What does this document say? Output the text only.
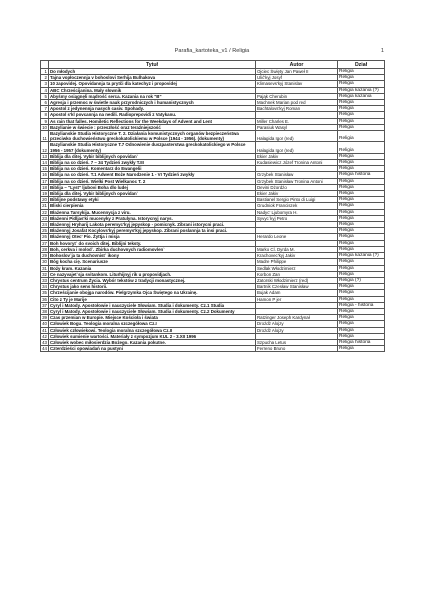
Parafia_kartoteka_v1 / Religia	1
	Tytuł	Autor	Dział
1	Do młodych	Ojciec Święty Jan Paweł II	Religia
2	Tajna vopłoczennja v bohoslovi Serhija Bulhakova	Ulić'kyj Josyf	Religia
3	10 zapovidej. Opovidannja ta prytči dla katechyz i propovidej	Klimasevs'kyj Stanislav	Religia
4	ABC Chrześcijanina. Mały słownik		Religia kazania (?)
5	Abyśmy osiągnęli mądrość serca. Kazania na rok "B"	Pająk Cherubin	Religia kazania
6	Agresja i przemoc w świetle nauk przyrodniczych i humanistycznych	Machnek Marian pod red	Religia
7	Apostol z jedynennja nasych casiv. Spohady.	Bachtalovs'kyj Roman	Religia
8	Apostol s'kl povcannja na nedili. Radioprepovidi z Vatykanu.		Religia
9	As rain that falles. Homiletic Reflections for the Weekdays of Advent and Lent	Miller Charles E.	Religia
10	Bazylianie w świecie : przeszłość oraz teraźniejszość	Parasiuk Wasyl	Religia
11	Bazylianskie Studia Historyczne T. 2. Działania komunistycznych organów bezpieczeństwa przeciwko duchowieństwu greckokatolickiemu w Polsce (1944 - 1956). (dokumenty)	Hałagida Igor (red)	Religia
12	Bazylianskie Studia Historyczne T.7 Odnowienie duszpasterstwa greckokatolickiego w Polsce 1956 - 1957 (dokumenty)	Hałagida Igor (red)	Religia
13	Biblija dla ditej. Vybir biblijnych opovidan`	Ekier Jakiv	Religia
14	Biblija na co dzień. 7 – 34 Tydzień zwykły T.III	Kudasiewicz Józef Tronina Antoni	Religia
15	Biblija na co dzień. Komentarz do Ewangelii		Religia
16	Biblija na co dzień. T.1 Adwent Boże Narodzenie 1 - VI Tydzień zwykły	Grzybek Stanisław	Religia historia
17	Biblija na co dzień. Wielki Post Wielkanoc T. 2	Grzybek Stanisław Tronina Antoni	Religia
18	Biblija – "Lyst" ljubovi Boha dlo ludej	Devini Dżordżo	Religia
19	Biblija dla ditej. Vybir biblijnych opovidan`	Ekier Jakiv	Religia
20	Biblijne podstawy etyki	Bastianel Sergio Pinto di Luigi	Religia
21	Bliski cierpienia	Grudniok Franciszek	Religia
22	Błażenna Tarsykija. Mucennycja z viru.	Nadyc' Ljubomyra H.	Religia
23	Błażenni Pidljas'ki mucenyky z Pratulyna. Istorycnyj narys.	Syvyc`kyj Petro	Religia
24	Błażennyj Hryharij Lakota peremyc'kyj jepyskop - pomicnyk. Zibrani istorycni praci.		Religia
25	Błażennyj Josafat Kocylovs'kyj peremys'kyj jepyskop. Zibrani poslannja ta insi praci.		Religia
26	Błażennyj Otec' Pio. Żyttja i misja	Herardo Leone	Religia
27	Boh hovoryt` do svoich ditej. Biblijni teksty.		Religia
28	Boh, cerkva i molod`. Zbirka duchovnych radiomovlen`	Marko Cl. Dyrda M.	Religia
29	Bohoslov`ja ta duchovnist` ikony	Krachovec'kyj Jakiv	Religia kazania (?)
30	Bóg kocha cię. Scenariusze	Madre Philippe	Religia
31	Boży kram. Kazania	Sedlak Włodzimierz	Religia
32	Ce nazyvajet`sja svitankom. Liturhijnyj rik u propovidjach.	Korbon Zan	Religia
33	Chrystus centrum Życia. Wybór tekstów z tradycji monastycznej.	Zatorski Włodzimierz (red)	Religia (?)
34	Chrystus jako sens historii.	Bartnik Czesław Stanisław	Religia
35	Chrześcijanie obojga narodów. Pielgrzymka Ojca Świętego na Ukrainę.	Bujak Adam	Religia
36	Cito z Ty je Marije	Hamon P jer	Religia
37	Cyryl i Matody. Apostołowie i nauczyciele Słowiam. Studia i dokumenty. Cz.1 Studia		Religia - historia
38	Cyryl i Matody. Apostołowie i nauczyciele Słowiam. Studia i dokumenty. Cz.2 Dokumenty		Religia
39	Czas przemian w Europie. Miejsce Kościoła i świata	Ratzinger Joseph Kardynał	Religia
40	Człowiek Bogu. Teologia moralna szczegółowa Cz.I	Drożdż Alojzy	Religia
41	Człowiek człowiekowi. Teologia moralna szczegółowa Cz.II	Drożdż Alojzy	Religia
42	Człowiek sumienie wartości. Materiały z sympozjum KUL 2 - 3.XII 1996		Religia
43	Człowiek wobec miłosierdzia Bożego. Kazania pokutne.	Szpucha Letus	Religia historia
44	Czterdzieści opowiadań na pustyni	Ferreno Bruno	Religia
